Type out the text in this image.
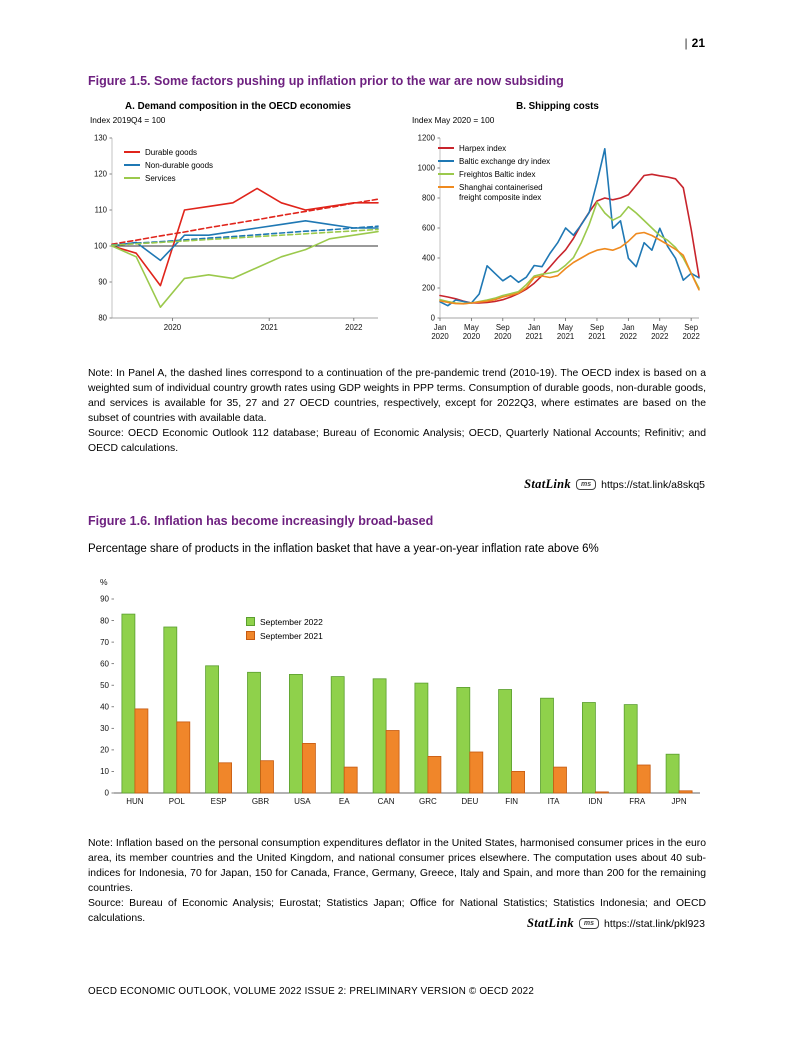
| 21
Figure 1.5. Some factors pushing up inflation prior to the war are now subsiding
A. Demand composition in the OECD economies
Index 2019Q4 = 100
80
90
100
110
120
130
2020	2021	2022
Durable goods
Non-durable goods
Services
B. Shipping costs
Index May 2020 = 100
0
200
400
600
800
1000
1200
Jan
2020
May
2020
Sep
2020
Jan
2021
May
2021
Sep
2021
Jan
2022
May
2022
Sep
2022
Harpex index
Baltic exchange dry index
Freightos Baltic index
Shanghai containerised freight composite index

Note: In Panel A, the dashed lines correspond to a continuation of the pre-pandemic trend (2010-19). The OECD index is based on a weighted sum of individual country growth rates using GDP weights in PPP terms. Consumption of durable goods, non-durable goods, and services is available for 35, 27 and 27 OECD countries, respectively, except for 2022Q3, where estimates are based on the subset of countries with available data.

Source: OECD Economic Outlook 112 database; Bureau of Economic Analysis; OECD, Quarterly National Accounts; Refinitiv; and OECD calculations.

StatLink	ms https://stat.link/a8skq5
Figure 1.6. Inflation has become increasingly broad-based

Percentage share of products in the inflation basket that have a year-on-year inflation rate above 6%

0
10
20
30
40
50
60
70
80
90
%
HUN	POL	ESP	GBR	USA	EA	CAN	GRC	DEU	FIN	ITA	IDN	FRA	JPN
September 2022
September 2021

Note: Inflation based on the personal consumption expenditures deflator in the United States, harmonised consumer prices in the euro area, its member countries and the United Kingdom, and national consumer prices elsewhere. The computation uses about 40 sub-indices for Indonesia, 70 for Japan, 150 for Canada, France, Germany, Greece, Italy and Spain, and more than 200 for the remaining countries.

Source: Bureau of Economic Analysis; Eurostat; Statistics Japan; Office for National Statistics; Statistics Indonesia; and OECD calculations.	StatLink	ms https://stat.link/pkl923
OECD ECONOMIC OUTLOOK, VOLUME 2022 ISSUE 2: PRELIMINARY VERSION © OECD 2022
